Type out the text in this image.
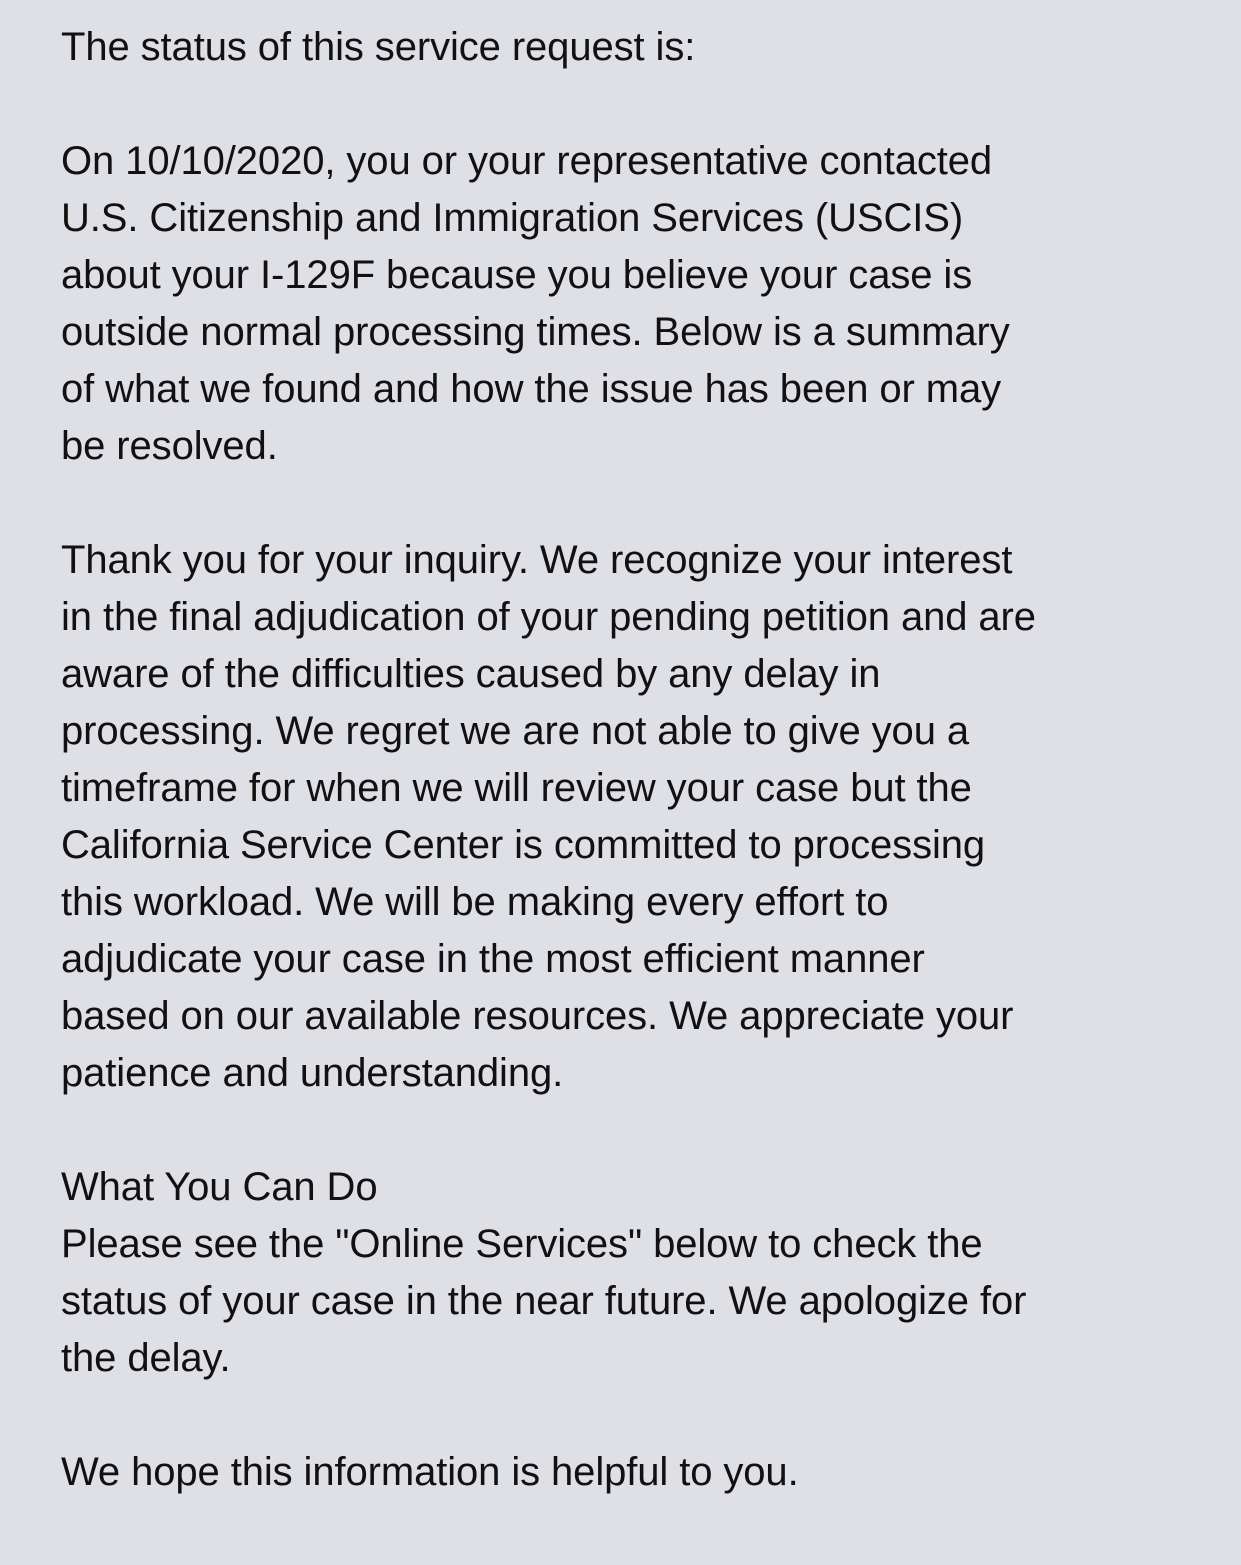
The status of this service request is:

On 10/10/2020, you or your representative contacted
U.S. Citizenship and Immigration Services (USCIS)
about your I-129F because you believe your case is
outside normal processing times. Below is a summary
of what we found and how the issue has been or may
be resolved.
Thank you for your inquiry. We recognize your interest
in the final adjudication of your pending petition and are
aware of the difficulties caused by any delay in
processing. We regret we are not able to give you a
timeframe for when we will review your case but the
California Service Center is committed to processing
this workload. We will be making every effort to
adjudicate your case in the most efficient manner
based on our available resources. We appreciate your
patience and understanding.

What You Can Do

Please see the "Online Services" below to check the
status of your case in the near future. We apologize for
the delay.

We hope this information is helpful to you.
